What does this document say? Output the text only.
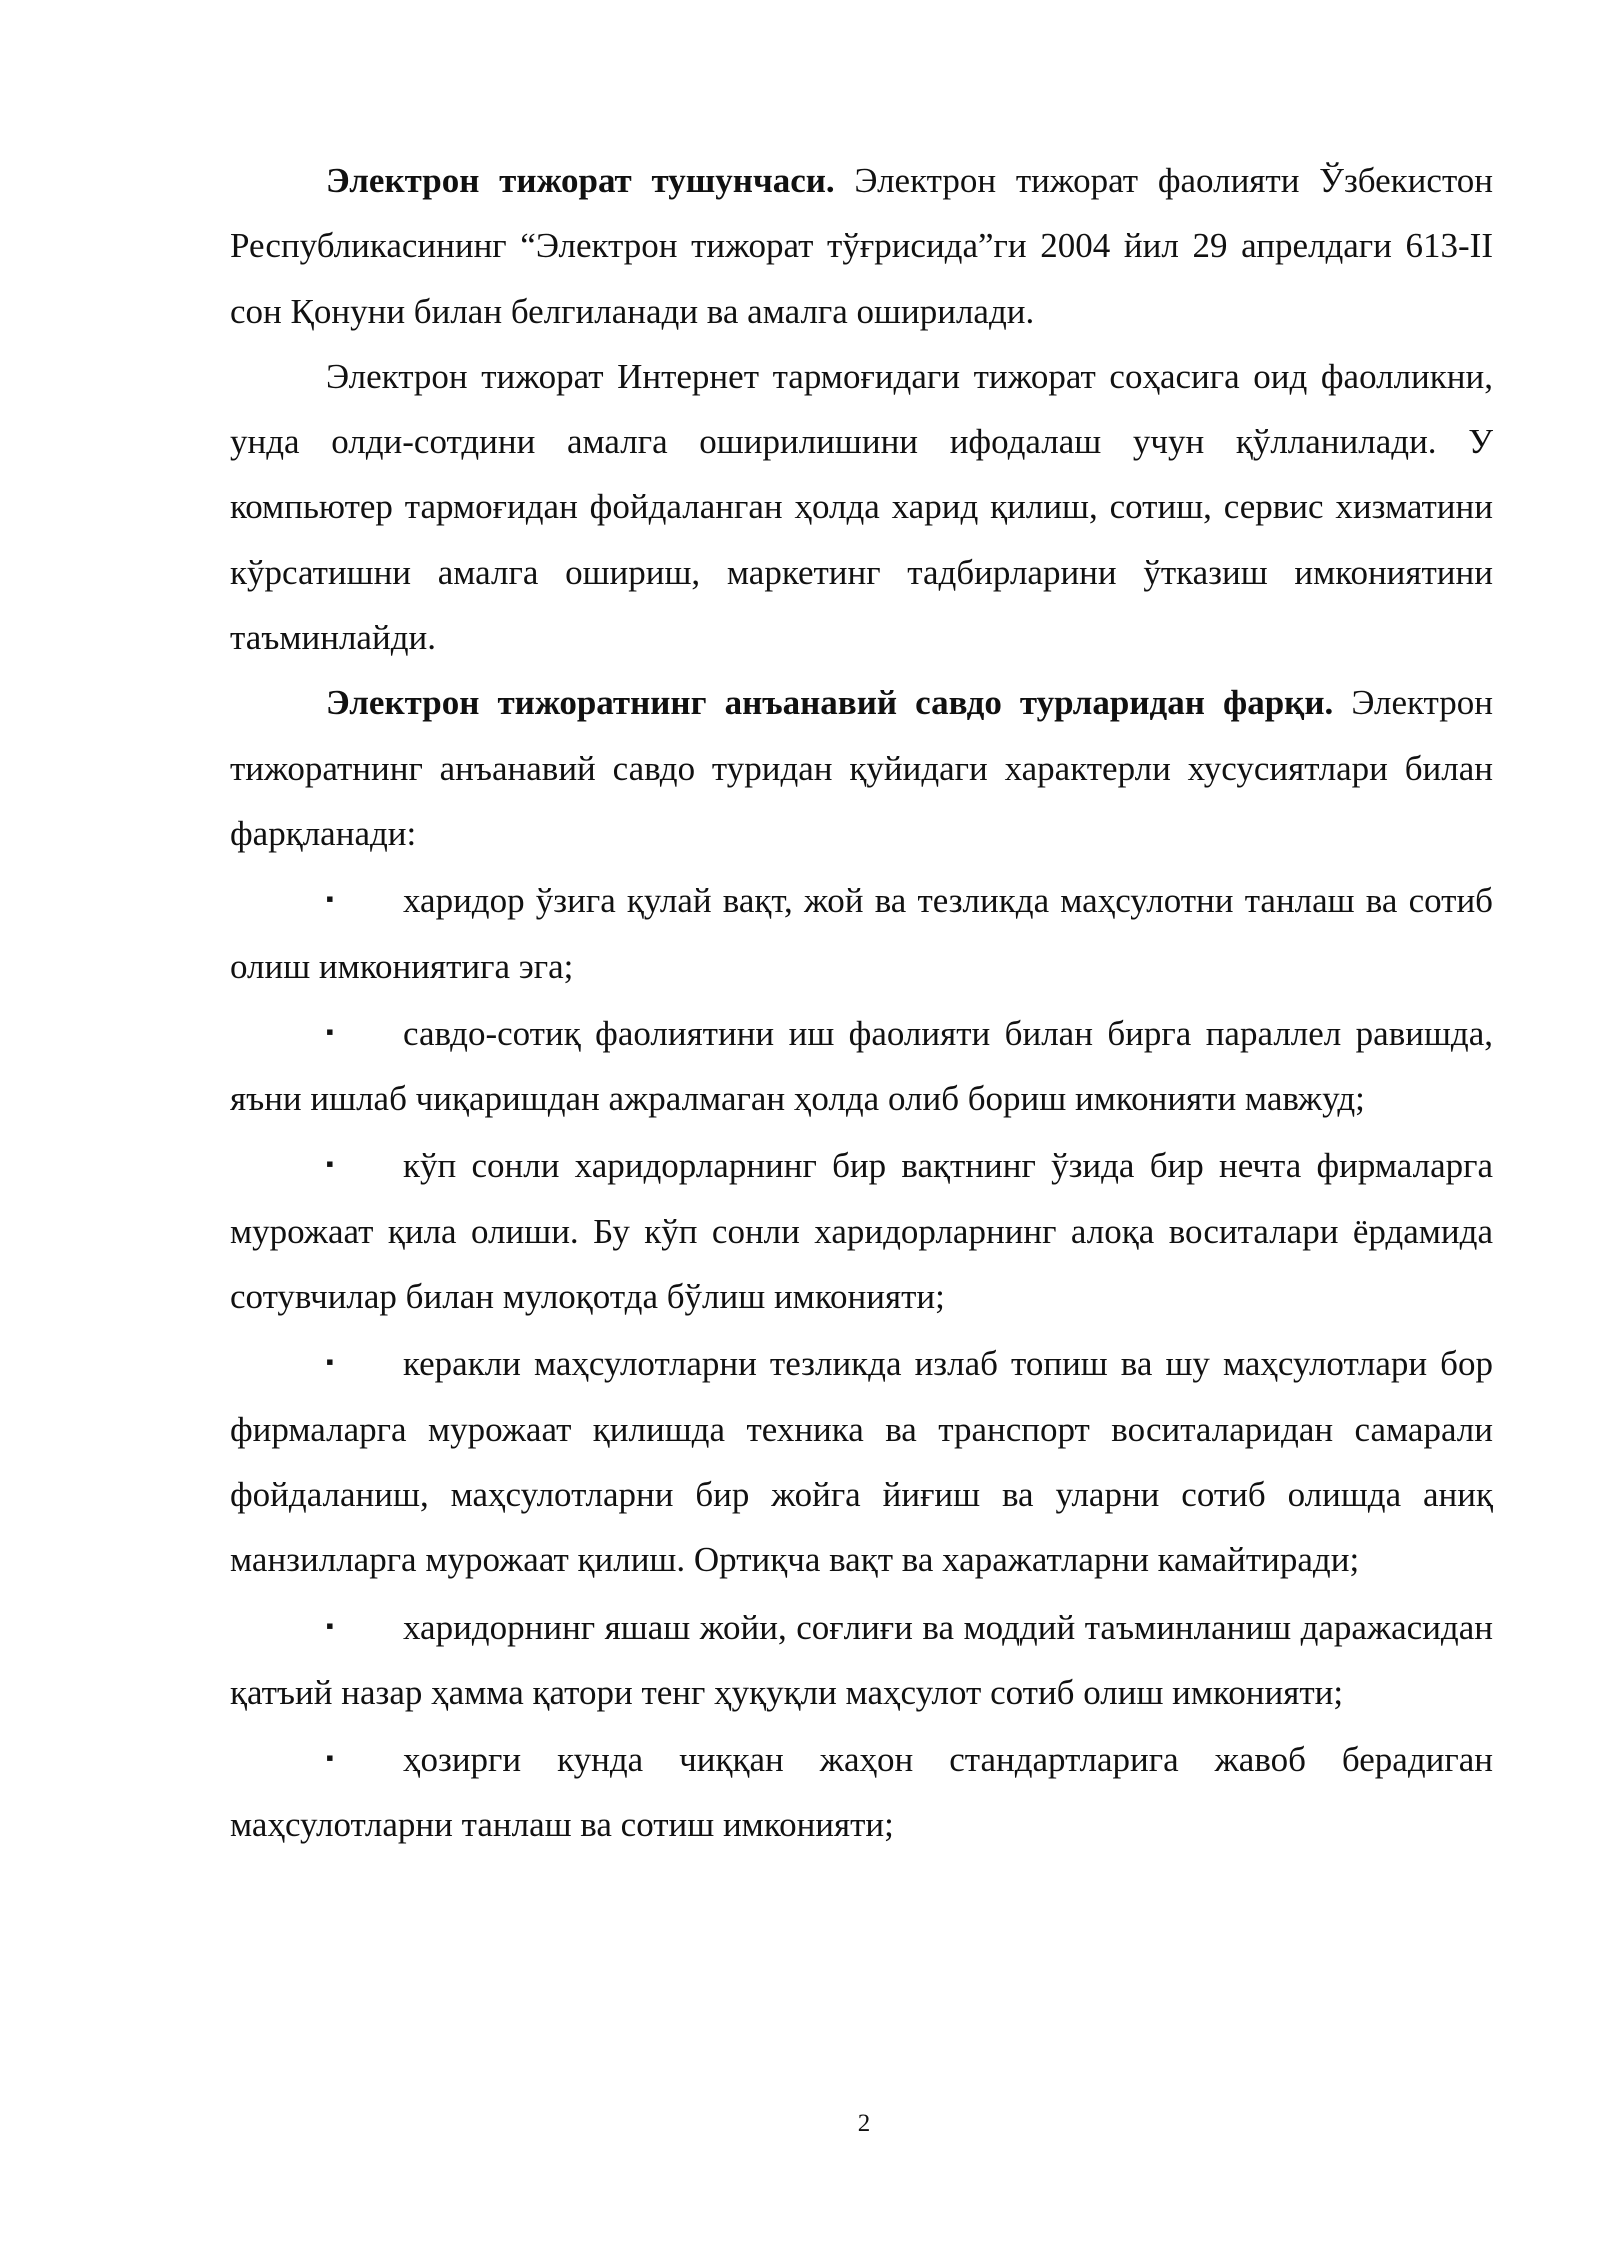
Электрон тижорат тушунчаси. Электрон тижорат фаолияти Ўзбекистон Республикасининг “Электрон тижорат тўғрисида”ги 2004 йил 29 апрелдаги 613-II сон Қонуни билан белгиланади ва амалга оширилади.

Электрон тижорат Интернет тармоғидаги тижорат соҳасига оид фаолликни, унда олди-сотдини амалга оширилишини ифодалаш учун қўлланилади. У компьютер тармоғидан фойдаланган ҳолда харид қилиш, сотиш, сервис хизматини кўрсатишни амалга ошириш, маркетинг тадбирларини ўтказиш имкониятини таъминлайди.

Электрон тижоратнинг анъанавий савдо турларидан фарқи. Электрон тижоратнинг анъанавий савдо туридан қуйидаги характерли хусусиятлари билан фарқланади:

▪ харидор ўзига қулай вақт, жой ва тезликда маҳсулотни танлаш ва сотиб олиш имкониятига эга;

▪ савдо-сотиқ фаолиятини иш фаолияти билан бирга параллел равишда, яъни ишлаб чиқаришдан ажралмаган ҳолда олиб бориш имконияти мавжуд;

▪ кўп сонли харидорларнинг бир вақтнинг ўзида бир нечта фирмаларга мурожаат қила олиши. Бу кўп сонли харидорларнинг алоқа воситалари ёрдамида сотувчилар билан мулоқотда бўлиш имконияти;

▪ керакли маҳсулотларни тезликда излаб топиш ва шу маҳсулотлари бор фирмаларга мурожаат қилишда техника ва транспорт воситаларидан самарали фойдаланиш, маҳсулотларни бир жойга йиғиш ва уларни сотиб олишда аниқ манзилларга мурожаат қилиш. Ортиқча вақт ва харажатларни камайтиради;

▪ харидорнинг яшаш жойи, соғлиғи ва моддий таъминланиш даражасидан қатъий назар ҳамма қатори тенг ҳуқуқли маҳсулот сотиб олиш имконияти;

▪ ҳозирги кунда чиққан жаҳон стандартларига жавоб берадиган маҳсулотларни танлаш ва сотиш имконияти;

2
